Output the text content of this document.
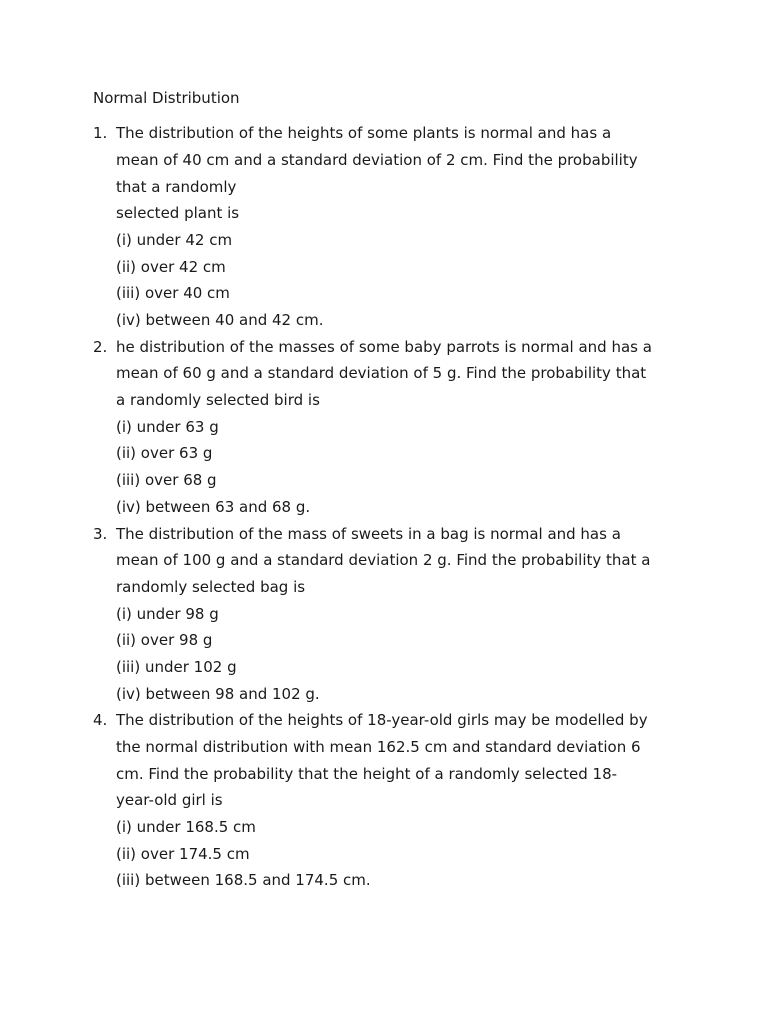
Normal Distribution
1. The distribution of the heights of some plants is normal and has a
mean of 40 cm and a standard deviation of 2 cm. Find the probability
that a randomly
selected plant is
(i) under 42 cm
(ii) over 42 cm
(iii) over 40 cm
(iv) between 40 and 42 cm.
2. he distribution of the masses of some baby parrots is normal and has a
mean of 60 g and a standard deviation of 5 g. Find the probability that
a randomly selected bird is
(i) under 63 g
(ii) over 63 g
(iii) over 68 g
(iv) between 63 and 68 g.
3. The distribution of the mass of sweets in a bag is normal and has a
mean of 100 g and a standard deviation 2 g. Find the probability that a
randomly selected bag is
(i) under 98 g
(ii) over 98 g
(iii) under 102 g
(iv) between 98 and 102 g.
4. The distribution of the heights of 18-year-old girls may be modelled by
the normal distribution with mean 162.5 cm and standard deviation 6
cm. Find the probability that the height of a randomly selected 18-
year-old girl is
(i) under 168.5 cm
(ii) over 174.5 cm
(iii) between 168.5 and 174.5 cm.
